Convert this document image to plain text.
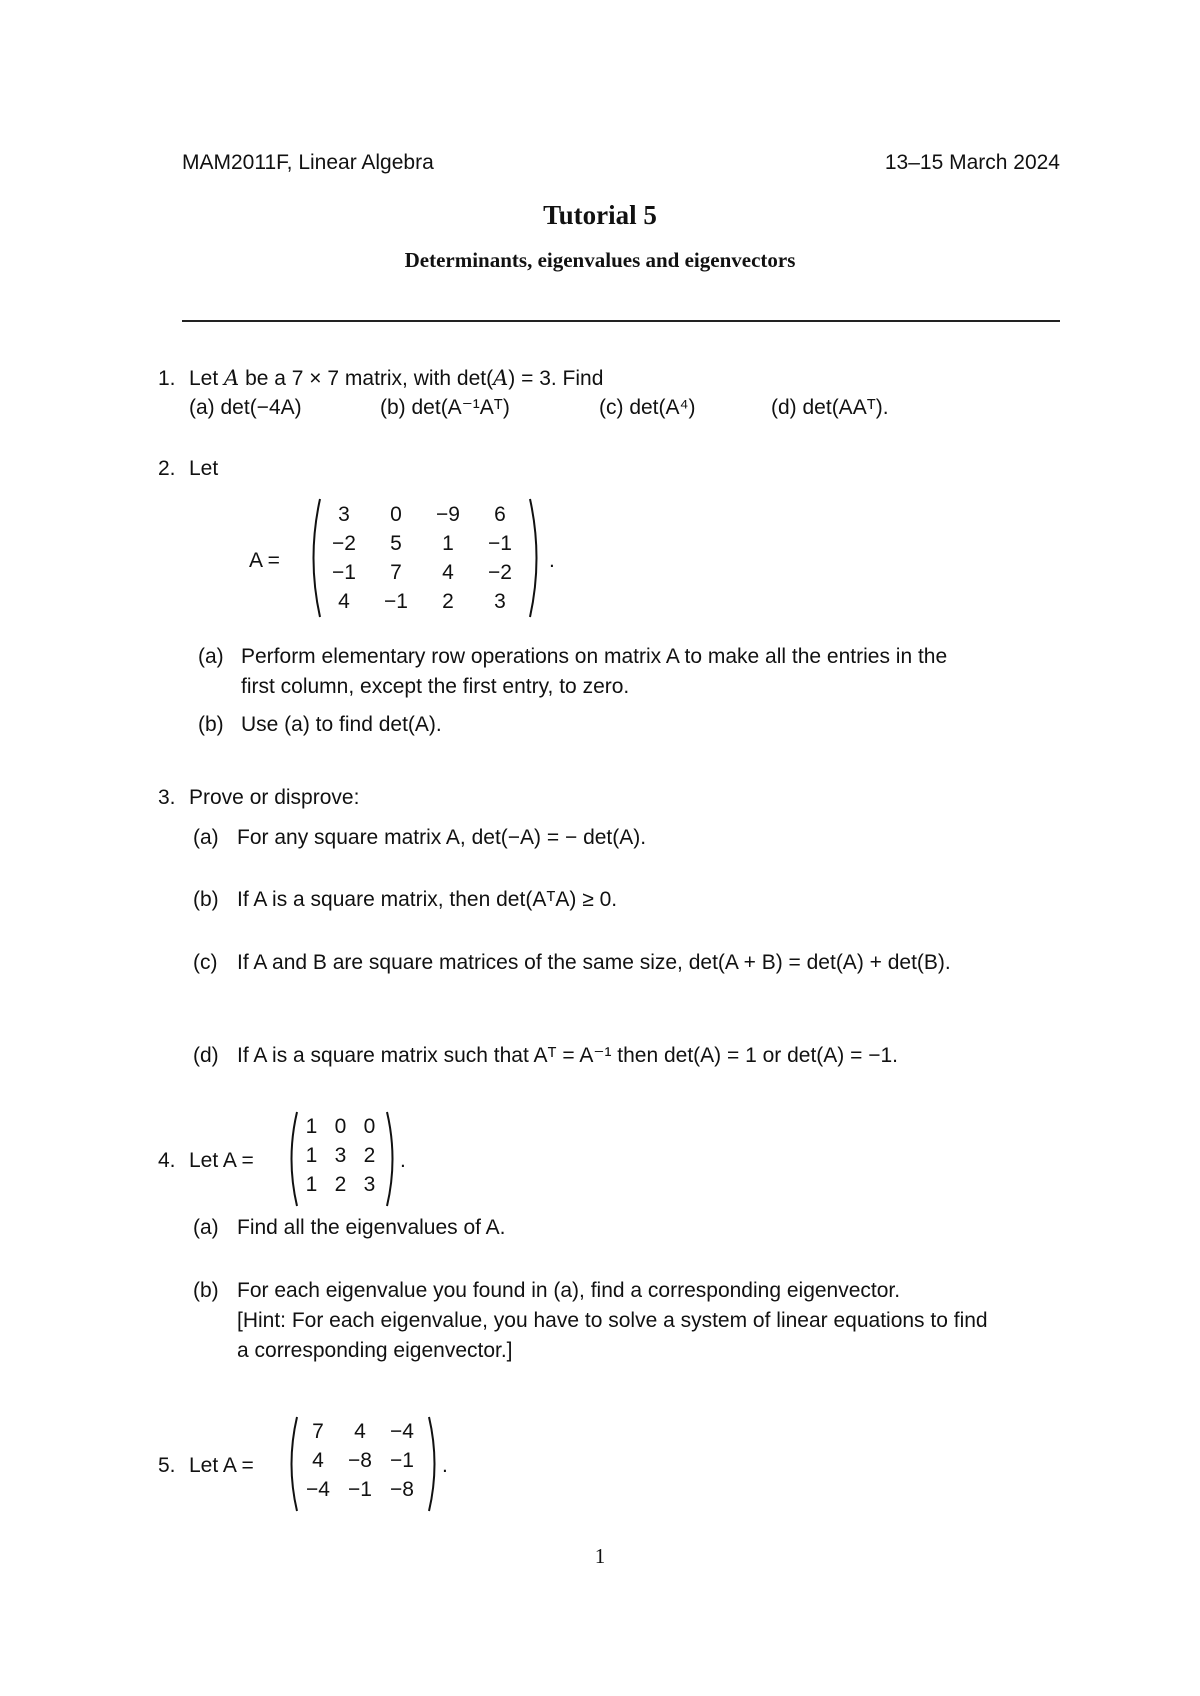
MAM2011F, Linear Algebra	13–15 March 2024
Tutorial 5
Determinants, eigenvalues and eigenvectors
1. Let A be a 7 × 7 matrix, with det(A) = 3. Find
(a) det(−4A)	(b) det(A⁻¹Aᵀ)	(c) det(A⁴)	(d) det(AAᵀ).
2. Let
A =
3	0	−9	6
−2	5	1	−1
−1	7	4	−2
4	−1	2	3
.
(a) Perform elementary row operations on matrix A to make all the entries in the
first column, except the first entry, to zero.
(b) Use (a) to find det(A).
3. Prove or disprove:
(a) For any square matrix A, det(−A) = − det(A).
(b) If A is a square matrix, then det(AᵀA) ≥ 0.
(c) If A and B are square matrices of the same size, det(A + B) = det(A) + det(B).
(d) If A is a square matrix such that Aᵀ = A⁻¹ then det(A) = 1 or det(A) = −1.
4. Let A =
1	0	0
1	3	2
1	2	3
.
(a) Find all the eigenvalues of A.
(b) For each eigenvalue you found in (a), find a corresponding eigenvector.
[Hint: For each eigenvalue, you have to solve a system of linear equations to find
a corresponding eigenvector.]
5. Let A =
7	4	−4
4	−8	−1
−4	−1	−8
.
1
